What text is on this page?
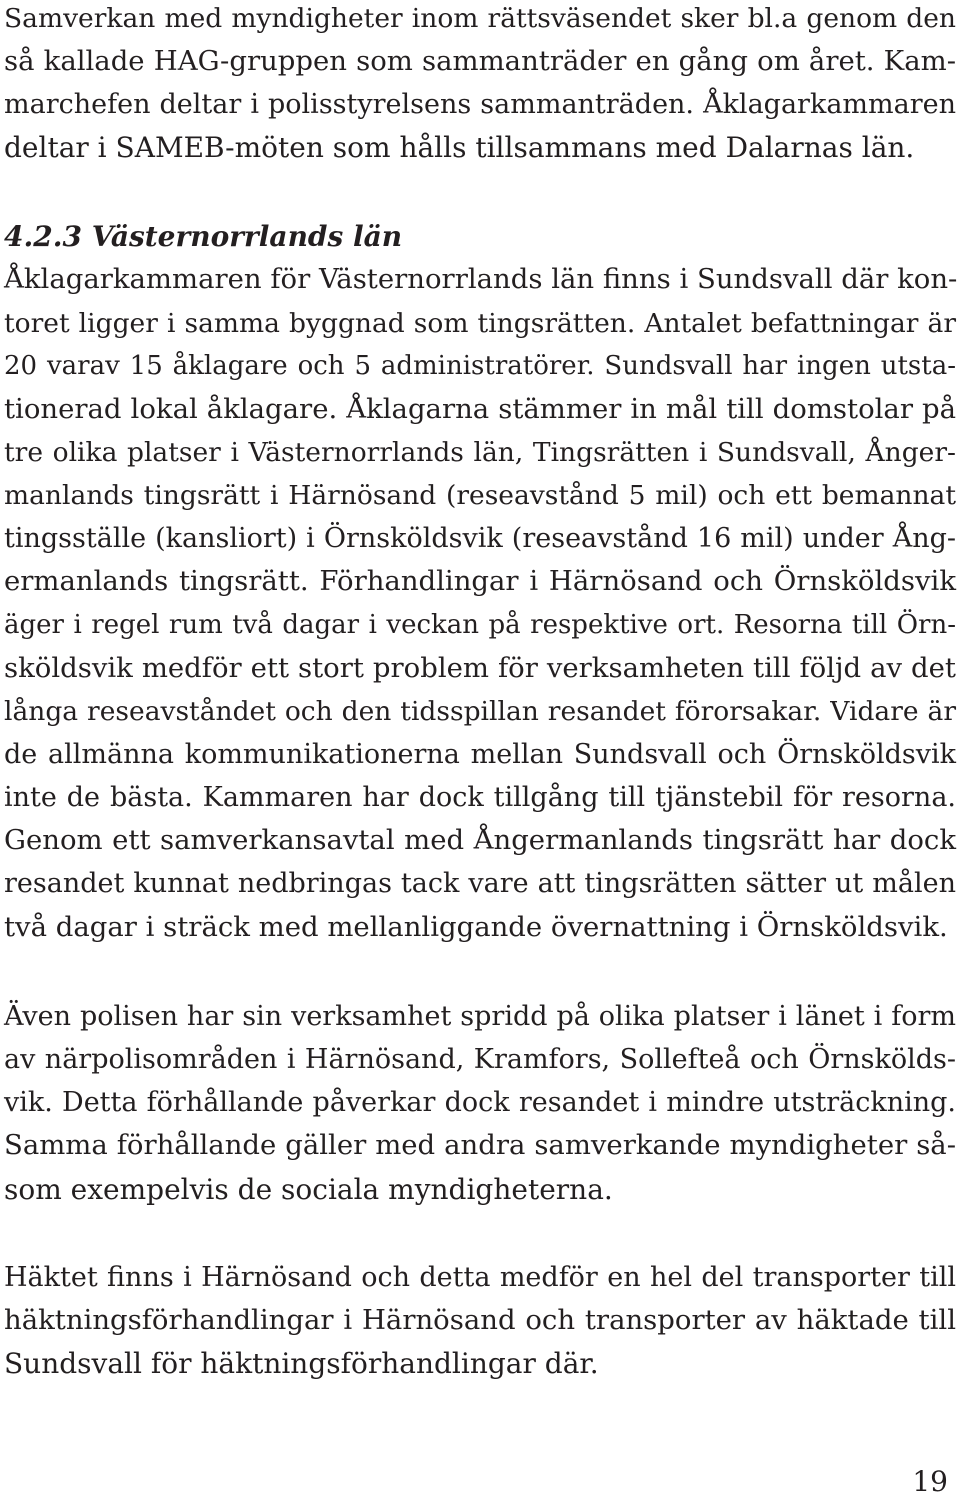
Samverkan med myndigheter inom rättsväsendet sker bl.a genom den
så kallade HAG-gruppen som sammanträder en gång om året. Kam-
marchefen deltar i polisstyrelsens sammanträden. Åklagarkammaren
deltar i SAMEB-möten som hålls tillsammans med Dalarnas län.
4.2.3 Västernorrlands län
Åklagarkammaren för Västernorrlands län finns i Sundsvall där kon-
toret ligger i samma byggnad som tingsrätten. Antalet befattningar är
20 varav 15 åklagare och 5 administratörer. Sundsvall har ingen utsta-
tionerad lokal åklagare. Åklagarna stämmer in mål till domstolar på
tre olika platser i Västernorrlands län, Tingsrätten i Sundsvall, Ånger-
manlands tingsrätt i Härnösand (reseavstånd 5 mil) och ett bemannat
tingsställe (kansliort) i Örnsköldsvik (reseavstånd 16 mil) under Ång-
ermanlands tingsrätt. Förhandlingar i Härnösand och Örnsköldsvik
äger i regel rum två dagar i veckan på respektive ort. Resorna till Örn-
sköldsvik medför ett stort problem för verksamheten till följd av det
långa reseavståndet och den tidsspillan resandet förorsakar. Vidare är
de allmänna kommunikationerna mellan Sundsvall och Örnsköldsvik
inte de bästa. Kammaren har dock tillgång till tjänstebil för resorna.
Genom ett samverkansavtal med Ångermanlands tingsrätt har dock
resandet kunnat nedbringas tack vare att tingsrätten sätter ut målen
två dagar i sträck med mellanliggande övernattning i Örnsköldsvik.
Även polisen har sin verksamhet spridd på olika platser i länet i form
av närpolisområden i Härnösand, Kramfors, Sollefteå och Örnskölds-
vik. Detta förhållande påverkar dock resandet i mindre utsträckning.
Samma förhållande gäller med andra samverkande myndigheter så-
som exempelvis de sociala myndigheterna.
Häktet finns i Härnösand och detta medför en hel del transporter till
häktningsförhandlingar i Härnösand och transporter av häktade till
Sundsvall för häktningsförhandlingar där.
19
